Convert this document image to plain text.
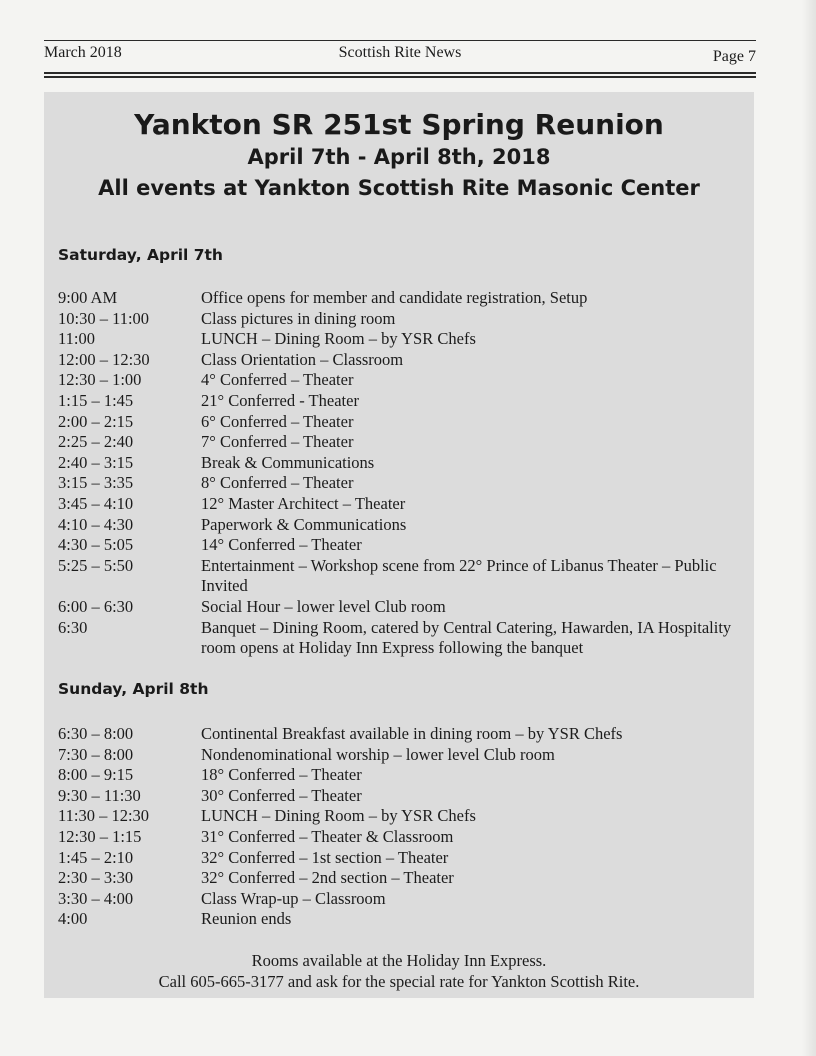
March 2018	Scottish Rite News	Page 7
Yankton SR 251st Spring Reunion
April 7th - April 8th, 2018
All events at Yankton Scottish Rite Masonic Center
Saturday, April 7th
9:00 AM	Office opens for member and candidate registration, Setup
10:30 – 11:00	Class pictures in dining room
11:00	LUNCH – Dining Room – by YSR Chefs
12:00 – 12:30	Class Orientation – Classroom
12:30 – 1:00	4° Conferred – Theater
1:15 – 1:45	21° Conferred - Theater
2:00 – 2:15	6° Conferred – Theater
2:25 – 2:40	7° Conferred – Theater
2:40 – 3:15	Break & Communications
3:15 – 3:35	8° Conferred – Theater
3:45 – 4:10	12° Master Architect – Theater
4:10 – 4:30	Paperwork & Communications
4:30 – 5:05	14° Conferred – Theater
5:25 – 5:50	Entertainment – Workshop scene from 22° Prince of Libanus Theater – Public Invited
6:00 – 6:30	Social Hour – lower level Club room
6:30	Banquet – Dining Room, catered by Central Catering, Hawarden, IA Hospitality room opens at Holiday Inn Express following the banquet
Sunday, April 8th
6:30 – 8:00	Continental Breakfast available in dining room – by YSR Chefs
7:30 – 8:00	Nondenominational worship – lower level Club room
8:00 – 9:15	18° Conferred – Theater
9:30 – 11:30	30° Conferred – Theater
11:30 – 12:30	LUNCH – Dining Room – by YSR Chefs
12:30 – 1:15	31° Conferred – Theater & Classroom
1:45 – 2:10	32° Conferred – 1st section – Theater
2:30 – 3:30	32° Conferred – 2nd section – Theater
3:30 – 4:00	Class Wrap-up – Classroom
4:00	Reunion ends
Rooms available at the Holiday Inn Express.
Call 605-665-3177 and ask for the special rate for Yankton Scottish Rite.
